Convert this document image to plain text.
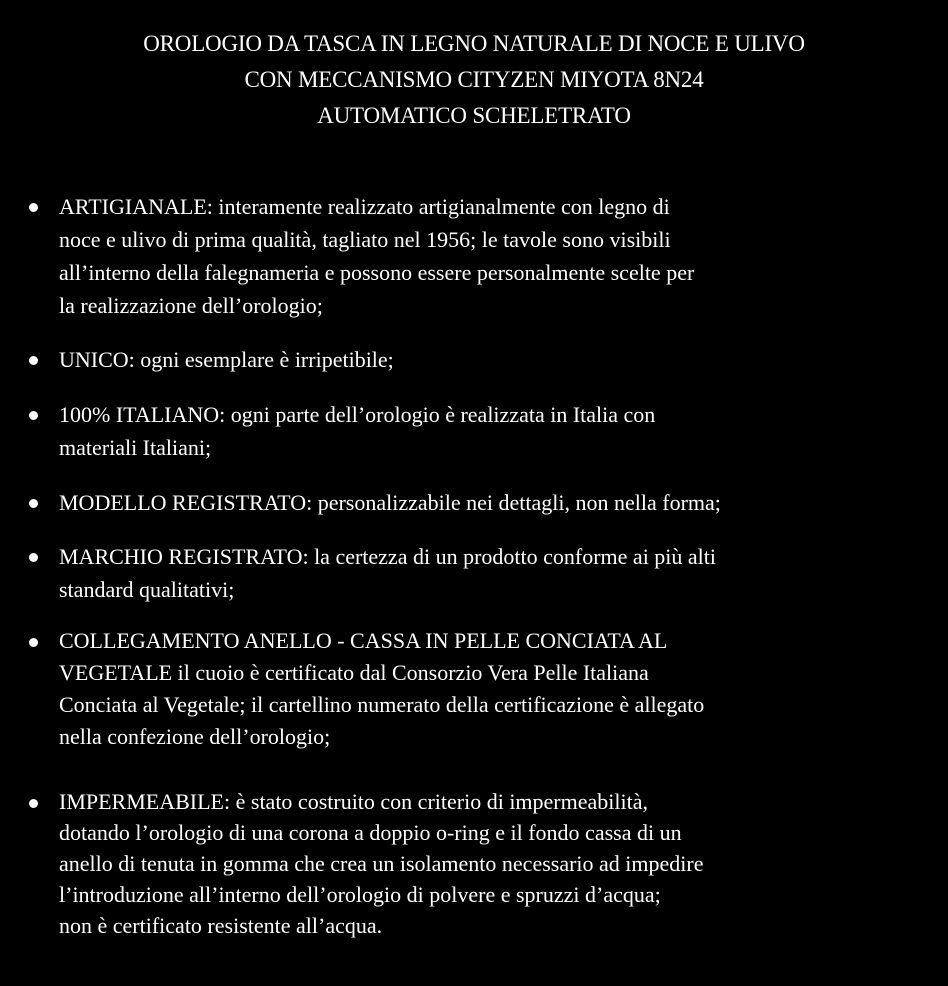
OROLOGIO DA TASCA IN LEGNO NATURALE DI NOCE E ULIVO
CON MECCANISMO CITYZEN MIYOTA 8N24
AUTOMATICO SCHELETRATO
ARTIGIANALE: interamente realizzato artigianalmente con legno di
noce e ulivo di prima qualità, tagliato nel 1956; le tavole sono visibili
all’interno della falegnameria e possono essere personalmente scelte per
la realizzazione dell’orologio;
UNICO: ogni esemplare è irripetibile;
100% ITALIANO: ogni parte dell’orologio è realizzata in Italia con
materiali Italiani;
MODELLO REGISTRATO: personalizzabile nei dettagli, non nella forma;
MARCHIO REGISTRATO: la certezza di un prodotto conforme ai più alti
standard qualitativi;
COLLEGAMENTO ANELLO - CASSA IN PELLE CONCIATA AL
VEGETALE il cuoio è certificato dal Consorzio Vera Pelle Italiana
Conciata al Vegetale; il cartellino numerato della certificazione è allegato
nella confezione dell’orologio;
IMPERMEABILE: è stato costruito con criterio di impermeabilità,
dotando l’orologio di una corona a doppio o-ring e il fondo cassa di un
anello di tenuta in gomma che crea un isolamento necessario ad impedire
l’introduzione all’interno dell’orologio di polvere e spruzzi d’acqua;
non è certificato resistente all’acqua.
